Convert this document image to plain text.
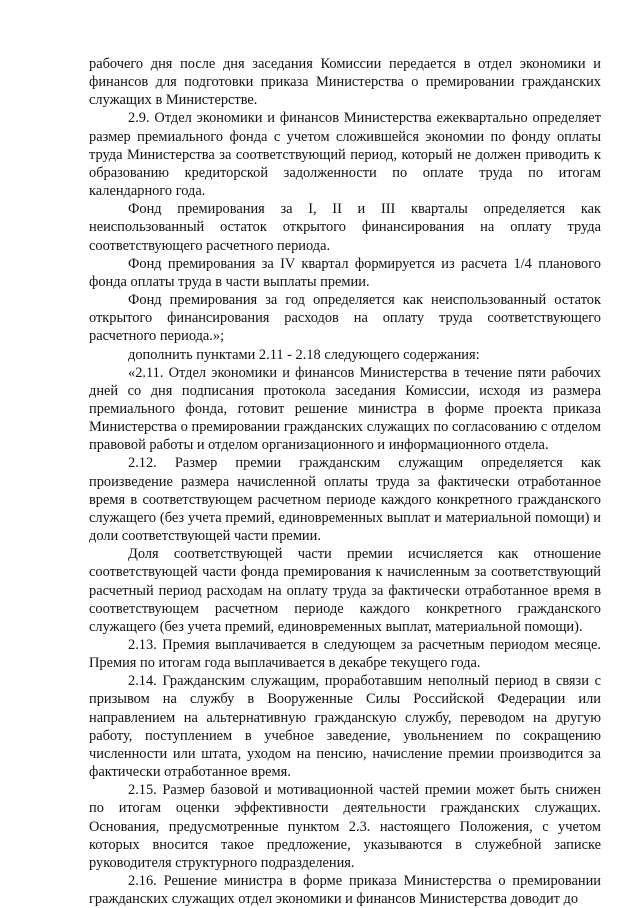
рабочего дня после дня заседания Комиссии передается в отдел экономики и финансов для подготовки приказа Министерства о премировании гражданских служащих в Министерстве.

2.9. Отдел экономики и финансов Министерства ежеквартально определяет размер премиального фонда с учетом сложившейся экономии по фонду оплаты труда Министерства за соответствующий период, который не должен приводить к образованию кредиторской задолженности по оплате труда по итогам календарного года.

Фонд премирования за I, II и III кварталы определяется как неиспользованный остаток открытого финансирования на оплату труда соответствующего расчетного периода.

Фонд премирования за IV квартал формируется из расчета 1/4 планового фонда оплаты труда в части выплаты премии.

Фонд премирования за год определяется как неиспользованный остаток открытого финансирования расходов на оплату труда соответствующего расчетного периода.»;

дополнить пунктами 2.11 - 2.18 следующего содержания:

«2.11. Отдел экономики и финансов Министерства в течение пяти рабочих дней со дня подписания протокола заседания Комиссии, исходя из размера премиального фонда, готовит решение министра в форме проекта приказа Министерства о премировании гражданских служащих по согласованию с отделом правовой работы и отделом организационного и информационного отдела.

2.12. Размер премии гражданским служащим определяется как произведение размера начисленной оплаты труда за фактически отработанное время в соответствующем расчетном периоде каждого конкретного гражданского служащего (без учета премий, единовременных выплат и материальной помощи) и доли соответствующей части премии.

Доля соответствующей части премии исчисляется как отношение соответствующей части фонда премирования к начисленным за соответствующий расчетный период расходам на оплату труда за фактически отработанное время в соответствующем расчетном периоде каждого конкретного гражданского служащего (без учета премий, единовременных выплат, материальной помощи).

2.13. Премия выплачивается в следующем за расчетным периодом месяце. Премия по итогам года выплачивается в декабре текущего года.

2.14. Гражданским служащим, проработавшим неполный период в связи с призывом на службу в Вооруженные Силы Российской Федерации или направлением на альтернативную гражданскую службу, переводом на другую работу, поступлением в учебное заведение, увольнением по сокращению численности или штата, уходом на пенсию, начисление премии производится за фактически отработанное время.

2.15. Размер базовой и мотивационной частей премии может быть снижен по итогам оценки эффективности деятельности гражданских служащих. Основания, предусмотренные пунктом 2.3. настоящего Положения, с учетом которых вносится такое предложение, указываются в служебной записке руководителя структурного подразделения.

2.16. Решение министра в форме приказа Министерства о премировании гражданских служащих отдел экономики и финансов Министерства доводит до
